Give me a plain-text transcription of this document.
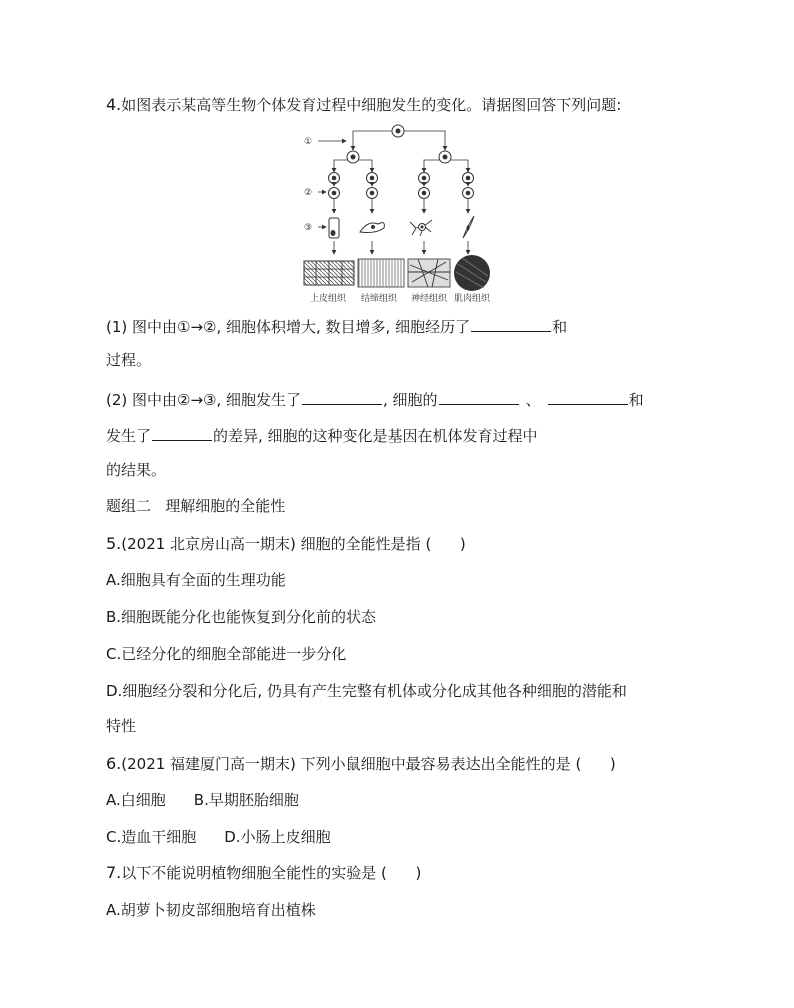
4.如图表示某高等生物个体发育过程中细胞发生的变化。请据图回答下列问题:
①
②
③
上皮组织 结缔组织 神经组织 肌肉组织
(1) 图中由①→②, 细胞体积增大, 数目增多, 细胞经历了	和
过程。
(2) 图中由②→③, 细胞发生了	, 细胞的	、	和
发生了	的差异, 细胞的这种变化是基因在机体发育过程中
的结果。
题组二   理解细胞的全能性
5.(2021 北京房山高一期末) 细胞的全能性是指 (      )
A.细胞具有全面的生理功能
B.细胞既能分化也能恢复到分化前的状态
C.已经分化的细胞全部能进一步分化
D.细胞经分裂和分化后, 仍具有产生完整有机体或分化成其他各种细胞的潜能和
特性
6.(2021 福建厦门高一期末) 下列小鼠细胞中最容易表达出全能性的是 (      )
A.白细胞 B.早期胚胎细胞
C.造血干细胞 D.小肠上皮细胞
7.以下不能说明植物细胞全能性的实验是 (      )
A.胡萝卜韧皮部细胞培育出植株
